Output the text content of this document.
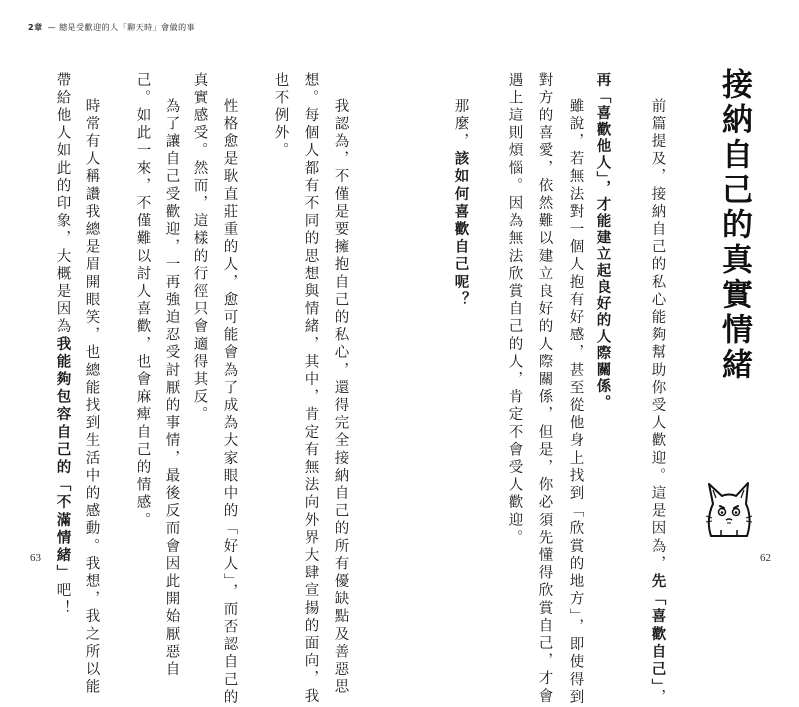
2章 — 總是受歡迎的人「聊天時」會做的事
接納自己的真實情緒
前篇提及，接納自己的私心能夠幫助你受人歡迎。這是因為，先「喜歡自己」，
再「喜歡他人」，才能建立起良好的人際關係。
雖說，若無法對一個人抱有好感，甚至從他身上找到「欣賞的地方」，即使得到
對方的喜愛，依然難以建立良好的人際關係，但是，你必須先懂得欣賞自己，才會
遇上這則煩惱。因為無法欣賞自己的人，肯定不會受人歡迎。
那麼，該如何喜歡自己呢？
我認為，不僅是要擁抱自己的私心，還得完全接納自己的所有優缺點及善惡思
想。每個人都有不同的思想與情緒，其中，肯定有無法向外界大肆宣揚的面向，我
也不例外。
性格愈是耿直莊重的人，愈可能會為了成為大家眼中的「好人」，而否認自己的
真實感受。然而，這樣的行徑只會適得其反。
為了讓自己受歡迎，一再強迫忍受討厭的事情，最後反而會因此開始厭惡自
己。如此一來，不僅難以討人喜歡，也會麻痺自己的情感。
時常有人稱讚我總是眉開眼笑，也總能找到生活中的感動。我想，我之所以能
帶給他人如此的印象，大概是因為我能夠包容自己的「不滿情緒」吧！
63	62
